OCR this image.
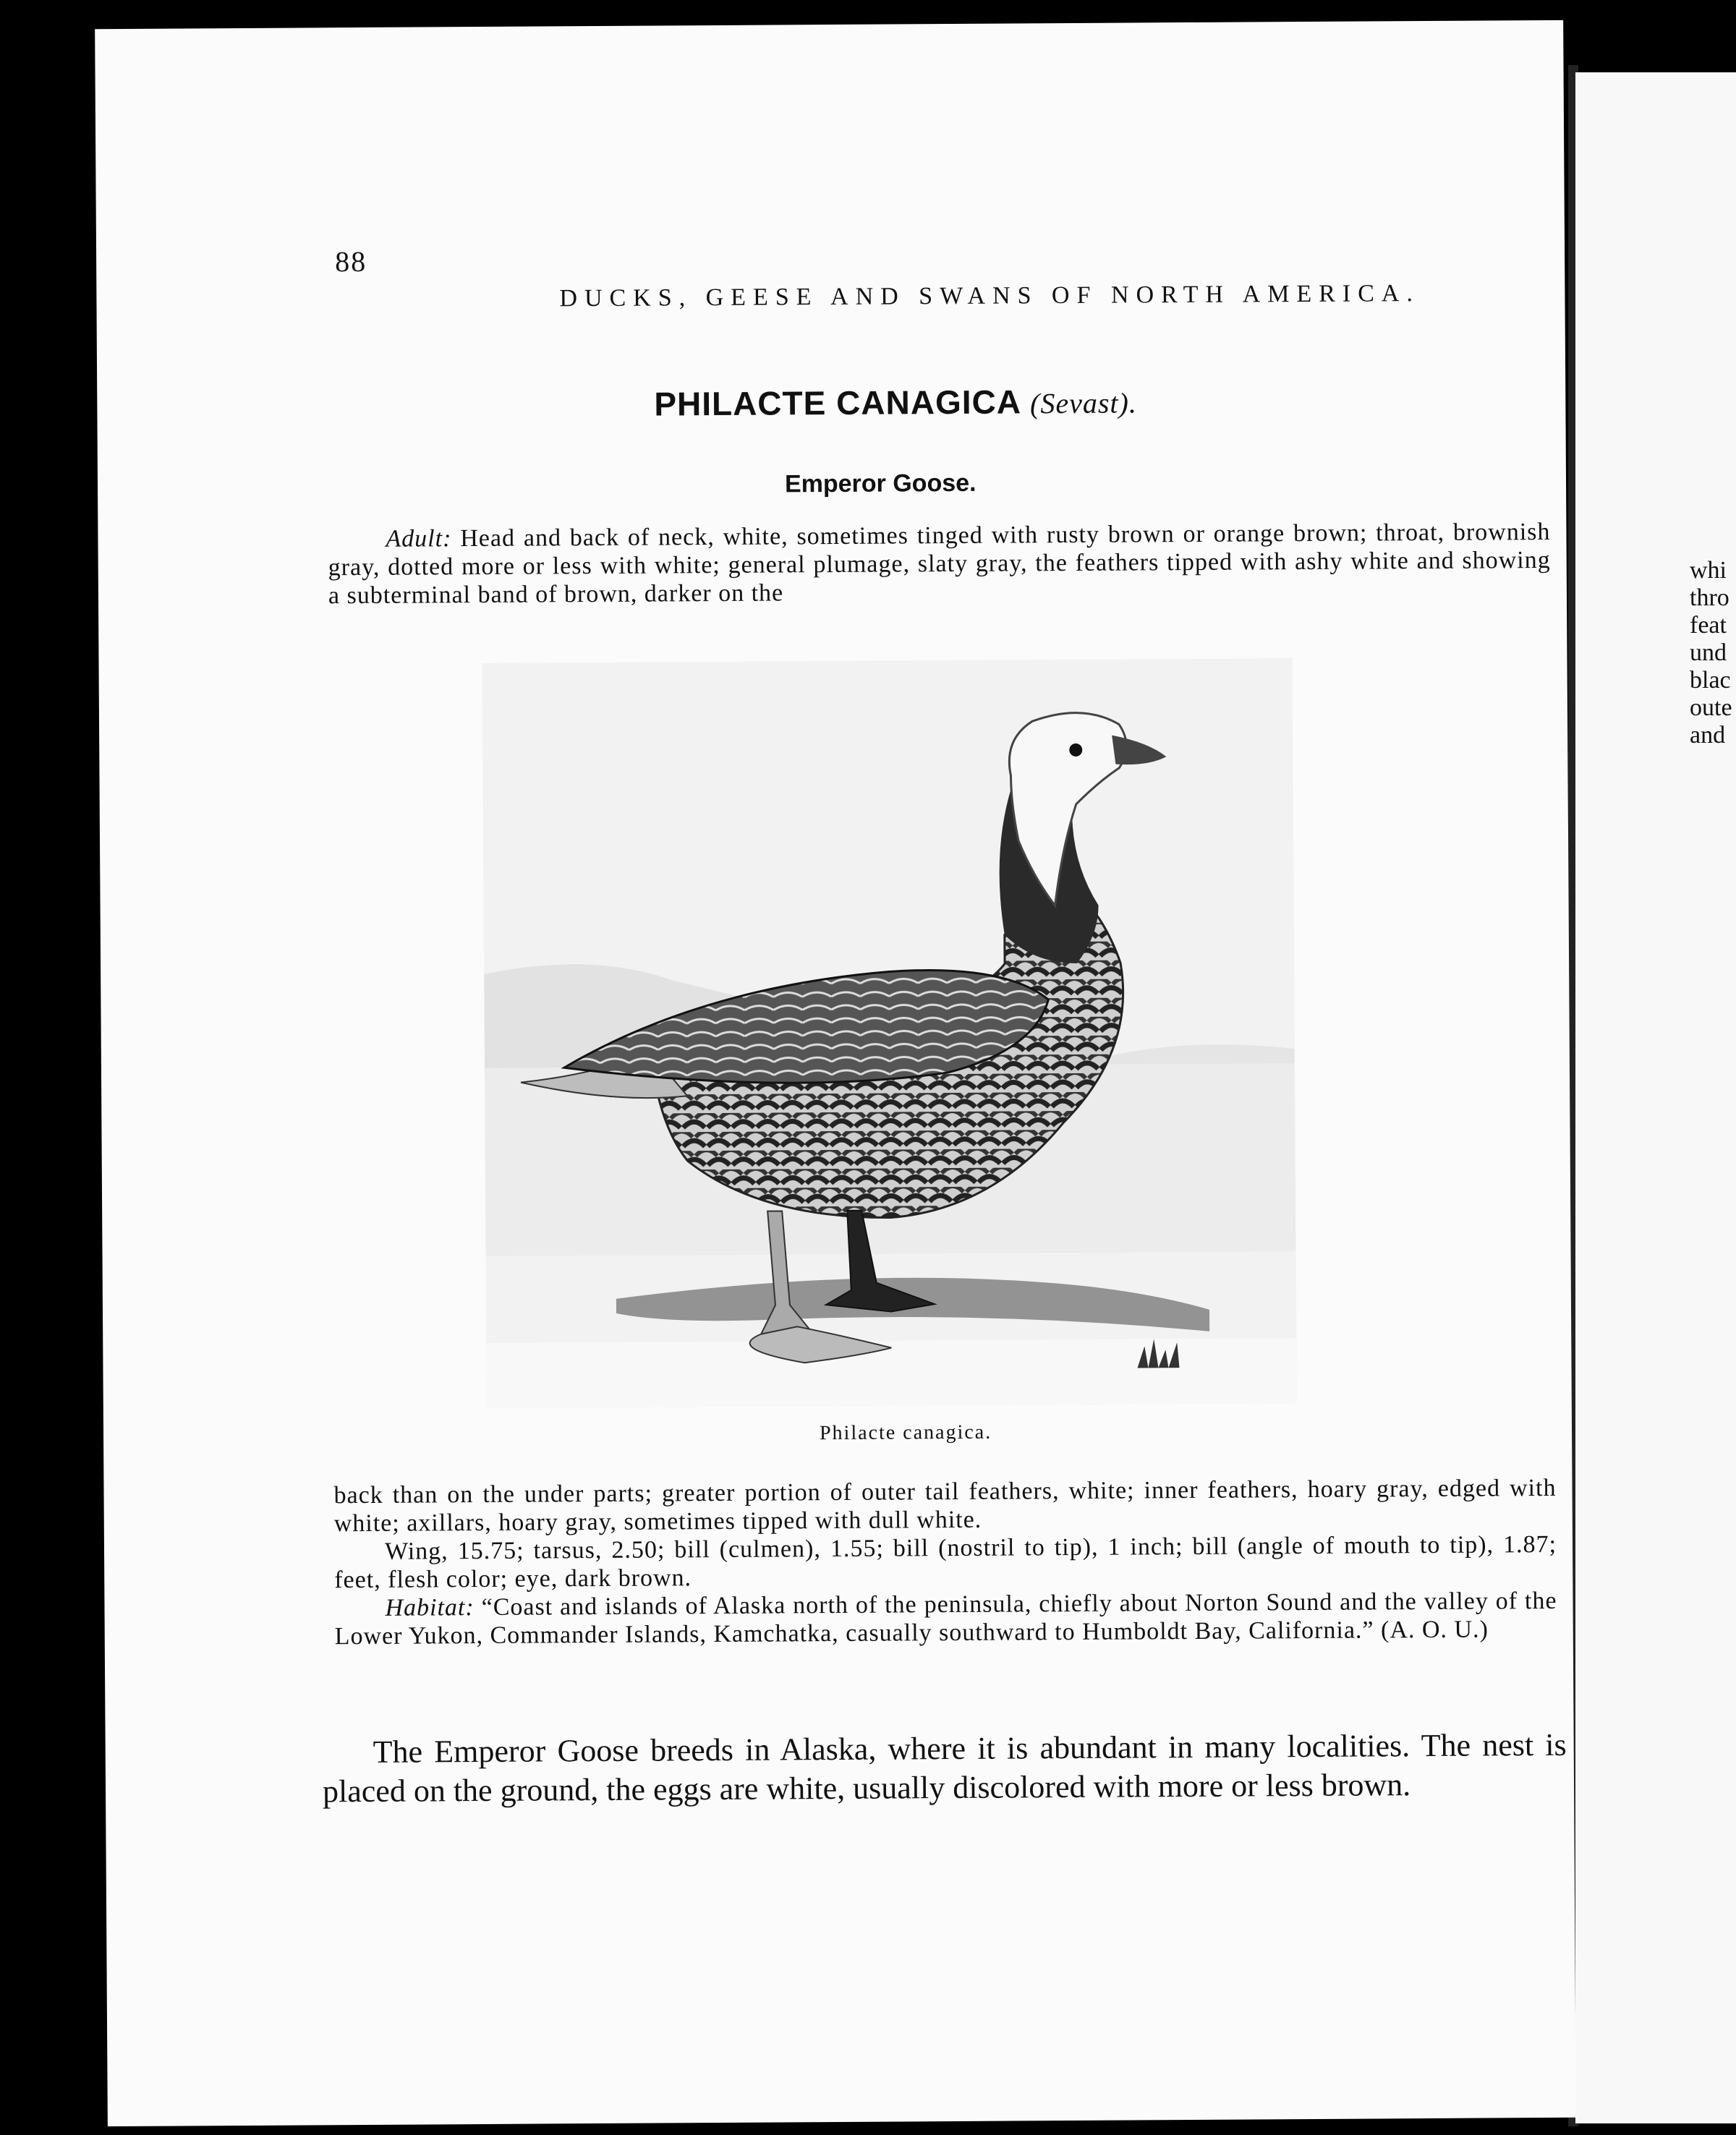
whi
thro
feat
und
blac
oute
and
88
DUCKS, GEESE AND SWANS OF NORTH AMERICA.
PHILACTE CANAGICA (Sevast).
Emperor Goose.
Adult: Head and back of neck, white, sometimes tinged with rusty brown or orange brown; throat, brownish gray, dotted more or less with white; general plumage, slaty gray, the feathers tipped with ashy white and showing a subterminal band of brown, darker on the
Philacte canagica.

back than on the under parts; greater portion of outer tail feathers, white; inner feathers, hoary gray, edged with white; axillars, hoary gray, sometimes tipped with dull white.

Wing, 15.75; tarsus, 2.50; bill (culmen), 1.55; bill (nostril to tip), 1 inch; bill (angle of mouth to tip), 1.87; feet, flesh color; eye, dark brown.

Habitat: “Coast and islands of Alaska north of the peninsula, chiefly about Norton Sound and the valley of the Lower Yukon, Commander Islands, Kamchatka, casually southward to Humboldt Bay, California.” (A. O. U.)

The Emperor Goose breeds in Alaska, where it is abundant in many localities. The nest is placed on the ground, the eggs are white, usually discolored with more or less brown.
